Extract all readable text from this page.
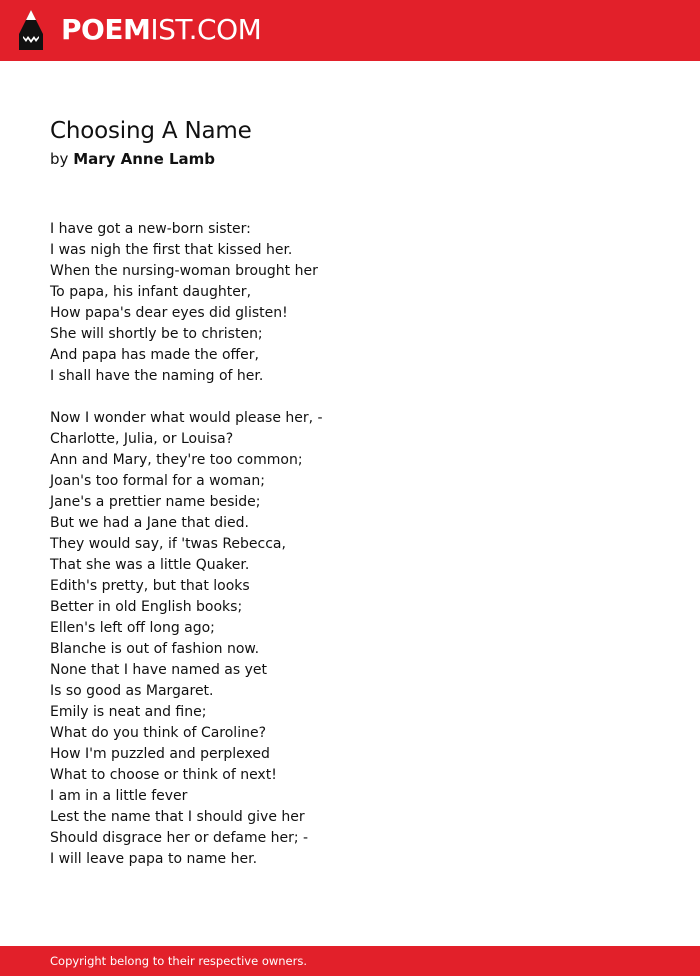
POEMIST.COM
Choosing A Name
by Mary Anne Lamb
I have got a new-born sister:
I was nigh the first that kissed her.
When the nursing-woman brought her
To papa, his infant daughter,
How papa's dear eyes did glisten!
She will shortly be to christen;
And papa has made the offer,
I shall have the naming of her.
Now I wonder what would please her, -
Charlotte, Julia, or Louisa?
Ann and Mary, they're too common;
Joan's too formal for a woman;
Jane's a prettier name beside;
But we had a Jane that died.
They would say, if 'twas Rebecca,
That she was a little Quaker.
Edith's pretty, but that looks
Better in old English books;
Ellen's left off long ago;
Blanche is out of fashion now.
None that I have named as yet
Is so good as Margaret.
Emily is neat and fine;
What do you think of Caroline?
How I'm puzzled and perplexed
What to choose or think of next!
I am in a little fever
Lest the name that I should give her
Should disgrace her or defame her; -
I will leave papa to name her.
Copyright belong to their respective owners.
